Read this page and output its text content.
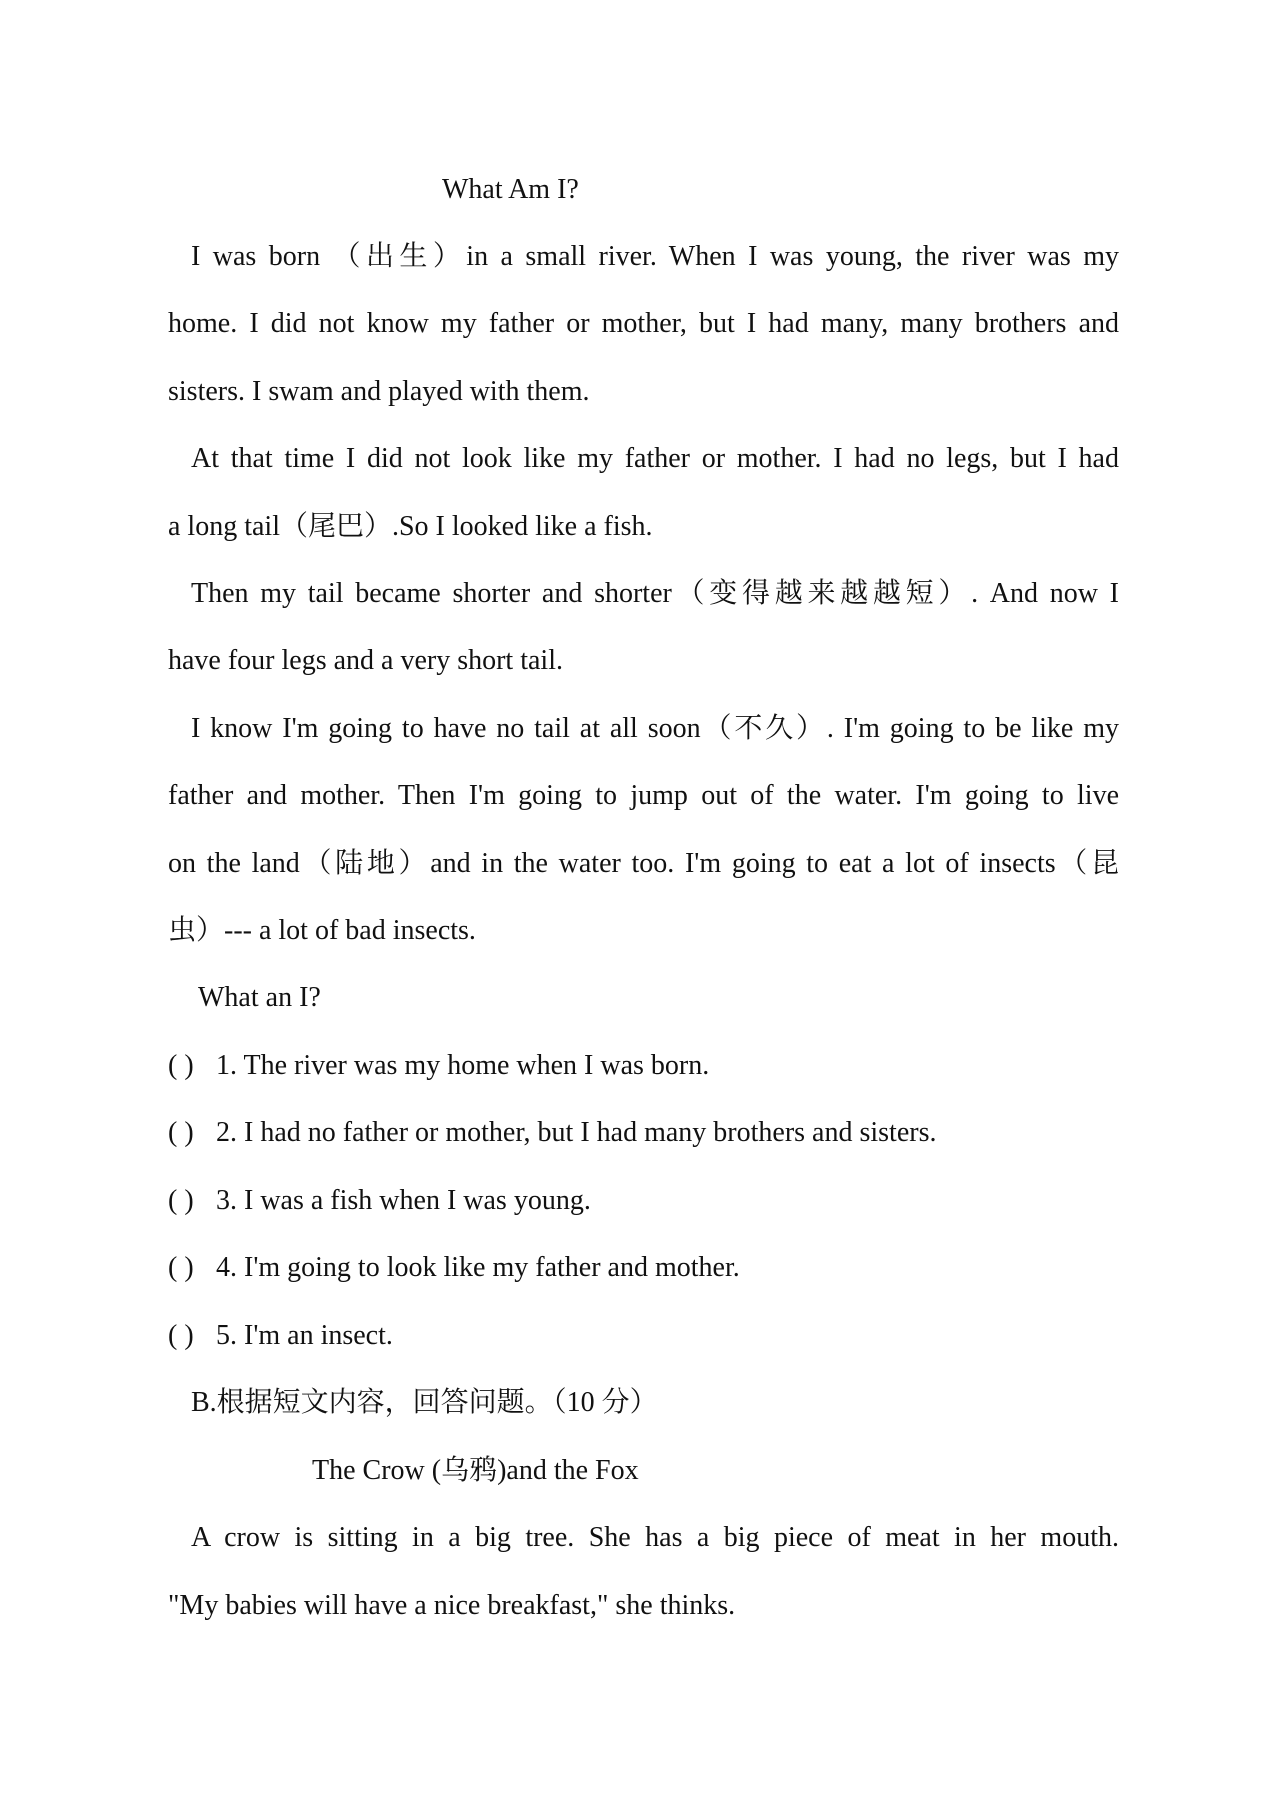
What Am I?
I was born （出生）in a small river. When I was young, the river was my
home. I did not know my father or mother, but I had many, many brothers and
sisters. I swam and played with them.
At that time I did not look like my father or mother. I had no legs, but I had
a long tail（尾巴）.So I looked like a fish.
Then my tail became shorter and shorter（变得越来越越短）. And now I
have four legs and a very short tail.
I know I'm going to have no tail at all soon（不久）. I'm going to be like my
father and mother. Then I'm going to jump out of the water. I'm going to live
on the land（陆地）and in the water too. I'm going to eat a lot of insects（昆
虫）--- a lot of bad insects.
What an I?
( ) 1. The river was my home when I was born.
( ) 2. I had no father or mother, but I had many brothers and sisters.
( ) 3. I was a fish when I was young.
( ) 4. I'm going to look like my father and mother.
( ) 5. I'm an insect.
B.根据短文内容，回答问题。（10 分）
The Crow (乌鸦)and the Fox
A crow is sitting in a big tree. She has a big piece of meat in her mouth.
"My babies will have a nice breakfast," she thinks.
